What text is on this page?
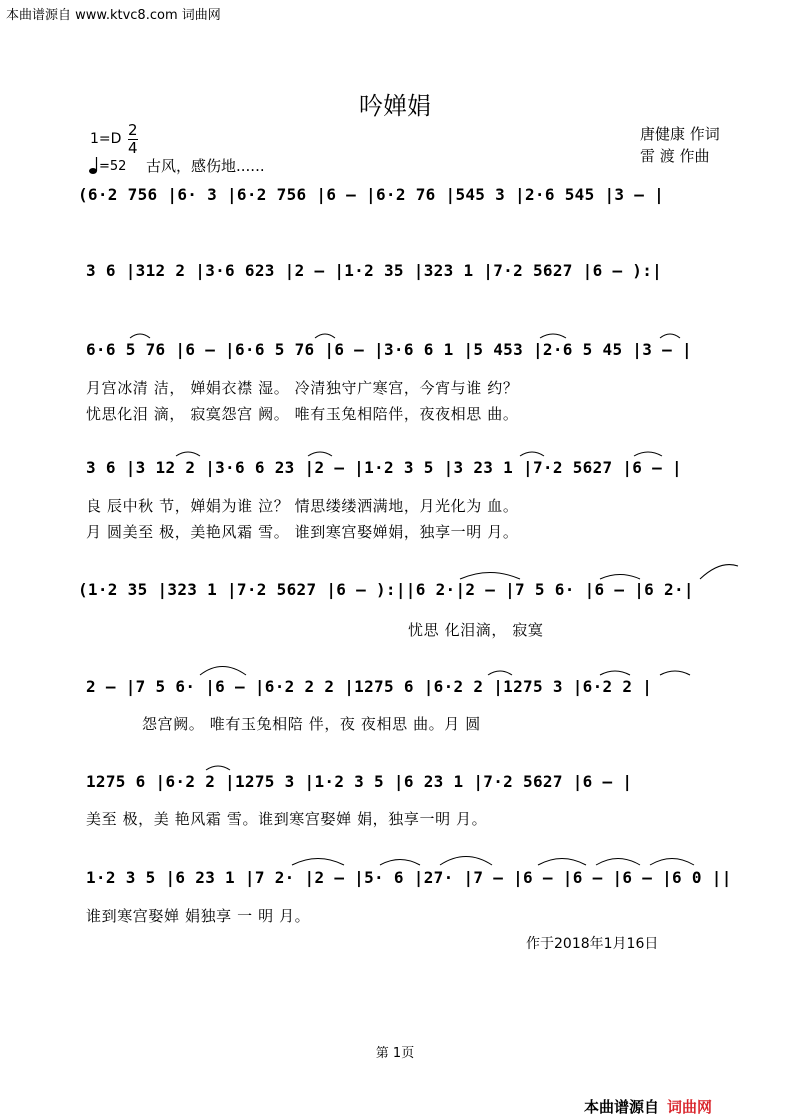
本曲谱源自 www.ktvc8.com 词曲网
吟婵娟
1=D 2
4
=52 古风，感伤地......
唐健康 作词
雷 渡 作曲
(6·2 756 |6· 3 |6·2 756 |6 – |6·2 76 |545 3 |2·6 545 |3 – |
3 6 |312 2 |3·6 623 |2 – |1·2 35 |323 1 |7·2 5627 |6 – ):|
6·6 5 76 |6 – |6·6 5 76 |6 – |3·6 6 1 |5 453 |2·6 5 45 |3 – |
月宫冰清 洁， 婵娟衣襟 湿。 冷清独守广寒宫，今宵与谁 约？
忧思化泪 滴， 寂寞怨宫 阙。 唯有玉兔相陪伴，夜夜相思 曲。
3 6 |3 12 2 |3·6 6 23 |2 – |1·2 3 5 |3 23 1 |7·2 5627 |6 – |
良 辰中秋 节，婵娟为谁 泣？ 情思缕缕洒满地，月光化为 血。
月 圆美至 极，美艳风霜 雪。 谁到寒宫娶婵娟，独享一明 月。
(1·2 35 |323 1 |7·2 5627 |6 – ):||6 2·|2 – |7 5 6· |6 – |6 2·|
忧思 化泪滴， 寂寞
2 – |7 5 6· |6 – |6·2 2 2 |1275 6 |6·2 2 |1275 3 |6·2 2 |
怨宫阙。 唯有玉兔相陪 伴，夜 夜相思 曲。月 圆
1275 6 |6·2 2 |1275 3 |1·2 3 5 |6 23 1 |7·2 5627 |6 – |
美至 极，美 艳风霜 雪。谁到寒宫娶婵 娟，独享一明 月。
1·2 3 5 |6 23 1 |7 2· |2 – |5· 6 |27· |7 – |6 – |6 – |6 – |6 0 ||
谁到寒宫娶婵 娟独享 一 明 月。
作于2018年1月16日
第 1页
本曲谱源自 词曲网
